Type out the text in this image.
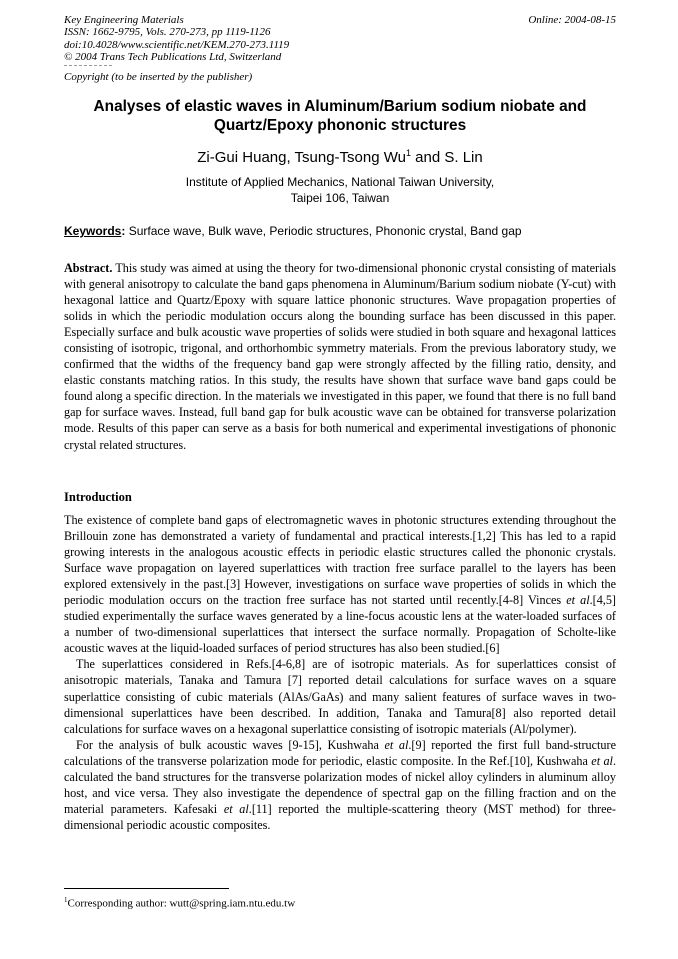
Key Engineering Materials
ISSN: 1662-9795, Vols. 270-273, pp 1119-1126
doi:10.4028/www.scientific.net/KEM.270-273.1119
© 2004 Trans Tech Publications Ltd, Switzerland
Online: 2004-08-15
Copyright (to be inserted by the publisher)
Analyses of elastic waves in Aluminum/Barium sodium niobate and Quartz/Epoxy phononic structures
Zi-Gui Huang, Tsung-Tsong Wu$^1$ and S. Lin
Institute of Applied Mechanics, National Taiwan University,
Taipei 106, Taiwan
Keywords: Surface wave, Bulk wave, Periodic structures, Phononic crystal, Band gap
Abstract. This study was aimed at using the theory for two-dimensional phononic crystal consisting of materials with general anisotropy to calculate the band gaps phenomena in Aluminum/Barium sodium niobate (Y-cut) with hexagonal lattice and Quartz/Epoxy with square lattice phononic structures. Wave propagation properties of solids in which the periodic modulation occurs along the bounding surface has been discussed in this paper. Especially surface and bulk acoustic wave properties of solids were studied in both square and hexagonal lattices consisting of isotropic, trigonal, and orthorhombic symmetry materials. From the previous laboratory study, we confirmed that the widths of the frequency band gap were strongly affected by the filling ratio, density, and elastic constants matching ratios. In this study, the results have shown that surface wave band gaps could be found along a specific direction. In the materials we investigated in this paper, we found that there is no full band gap for surface waves. Instead, full band gap for bulk acoustic wave can be obtained for transverse polarization mode. Results of this paper can serve as a basis for both numerical and experimental investigations of phononic crystal related structures.
Introduction

The existence of complete band gaps of electromagnetic waves in photonic structures extending throughout the Brillouin zone has demonstrated a variety of fundamental and practical interests.[1,2] This has led to a rapid growing interests in the analogous acoustic effects in periodic elastic structures called the phononic crystals. Surface wave propagation on layered superlattices with traction free surface parallel to the layers has been explored extensively in the past.[3] However, investigations on surface wave properties of solids in which the periodic modulation occurs on the traction free surface has not started until recently.[4-8] Vinces et al.[4,5] studied experimentally the surface waves generated by a line-focus acoustic lens at the water-loaded surfaces of a number of two-dimensional superlattices that intersect the surface normally. Propagation of Scholte-like acoustic waves at the liquid-loaded surfaces of period structures has also been studied.[6]

The superlattices considered in Refs.[4-6,8] are of isotropic materials. As for superlattices consist of anisotropic materials, Tanaka and Tamura [7] reported detail calculations for surface waves on a square superlattice consisting of cubic materials (AlAs/GaAs) and many salient features of surface waves in two-dimensional superlattices have been described. In addition, Tanaka and Tamura[8] also reported detail calculations for surface waves on a hexagonal superlattice consisting of isotropic materials (Al/polymer).

For the analysis of bulk acoustic waves [9-15], Kushwaha et al.[9] reported the first full band-structure calculations of the transverse polarization mode for periodic, elastic composite. In the Ref.[10], Kushwaha et al. calculated the band structures for the transverse polarization modes of nickel alloy cylinders in aluminum alloy host, and vice versa. They also investigate the dependence of spectral gap on the filling fraction and on the material parameters. Kafesaki et al.[11] reported the multiple-scattering theory (MST method) for three-dimensional periodic acoustic composites.

$^1$Corresponding author: wutt@spring.iam.ntu.edu.tw
